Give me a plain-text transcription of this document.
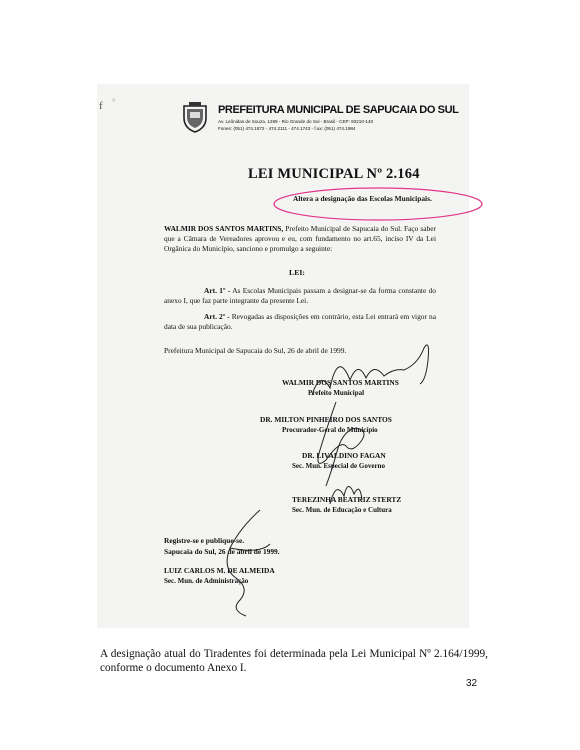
f ^
PREFEITURA MUNICIPAL DE SAPUCAIA DO SUL
Av. Leônidas de Souza, 1289 - Rio Grande do Sul - Brasil - CEP: 93210-140
Fones: (051) 474.1872 - 474.2111 - 474.1743 - f.ax: (051) 474.1984
LEI MUNICIPAL Nº 2.164
Altera a designação das Escolas Municipais.
WALMIR DOS SANTOS MARTINS, Prefeito Municipal de Sapucaia do Sul. Faço saber que a Câmara de Vereadores aprovou e eu, com fundamento no art.65, inciso IV da Lei Orgânica do Município, sanciono e promulgo a seguinte:
LEI:
Art. 1º - As Escolas Municipais passam a designar-se da forma constante do anexo I, que faz parte integrante da presente Lei.
Art. 2º - Revogadas as disposições em contrário, esta Lei entrará em vigor na data de sua publicação.
Prefeitura Municipal de Sapucaia do Sul, 26 de abril de 1999.
WALMIR DOS SANTOS MARTINS
Prefeito Municipal
DR. MILTON PINHEIRO DOS SANTOS
Procurador-Geral do Município
DR. LIVALDINO FAGAN
Sec. Mun. Especial de Governo
TEREZINHA BEATRIZ STERTZ
Sec. Mun. de Educação e Cultura
Registre-se e publique-se.
Sapucaia do Sul, 26 de abril de 1999.
LUIZ CARLOS M. DE ALMEIDA
Sec. Mun. de Administração
A designação atual do Tiradentes foi determinada pela Lei Municipal Nº 2.164/1999, conforme o documento Anexo I.
32
